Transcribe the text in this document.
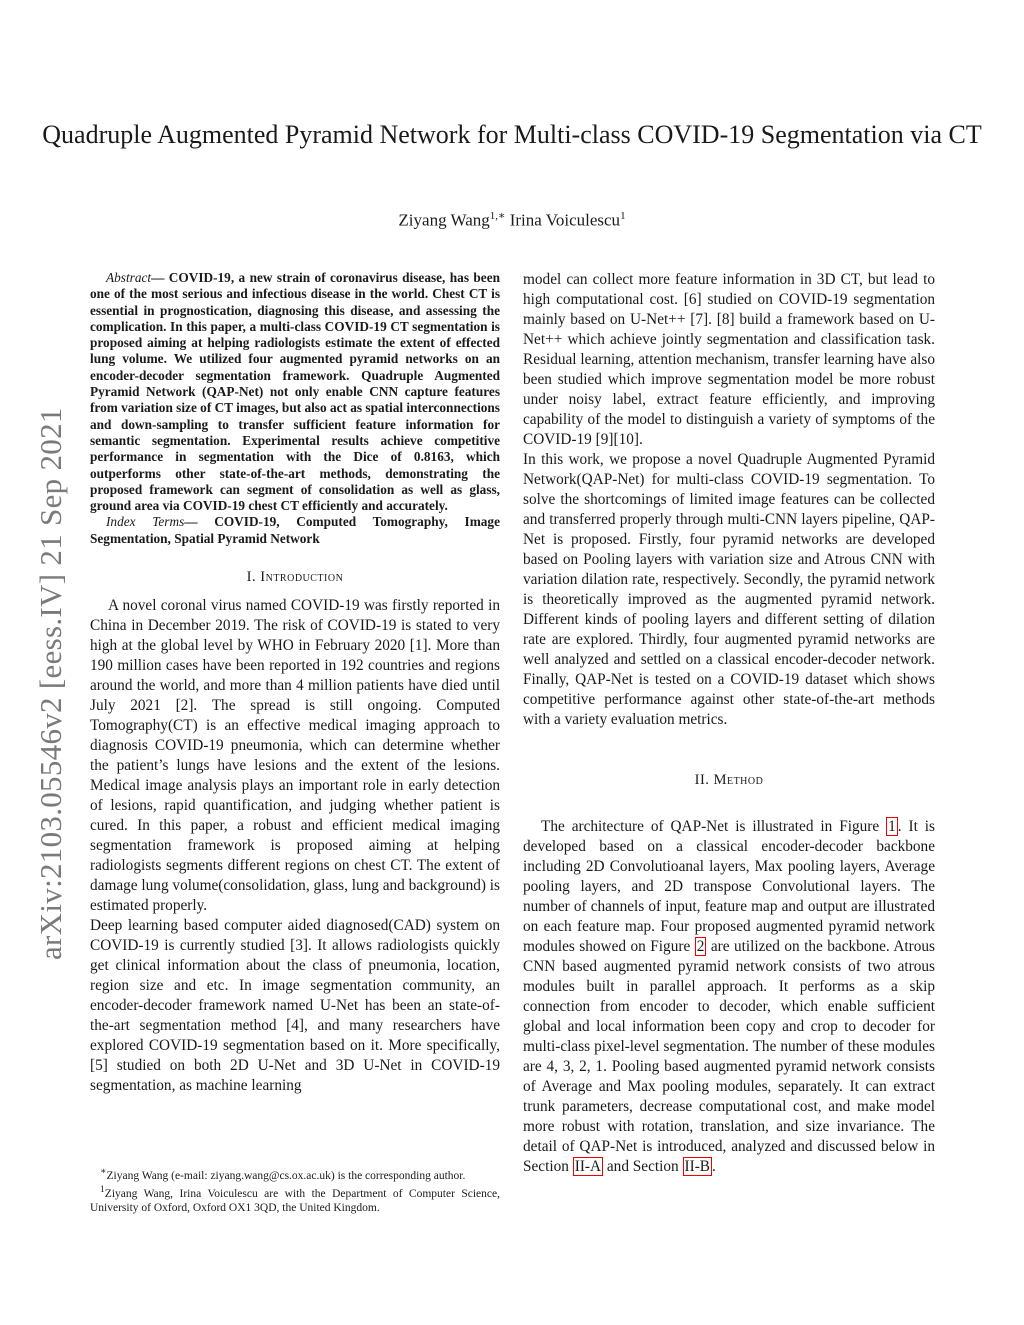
Quadruple Augmented Pyramid Network for Multi-class COVID-19 Segmentation via CT
Ziyang Wang$^{1,∗}$ Irina Voiculescu$^1$
arXiv:2103.05546v2 [eess.IV] 21 Sep 2021

Abstract— COVID-19, a new strain of coronavirus disease, has been one of the most serious and infectious disease in the world. Chest CT is essential in prognostication, diagnosing this disease, and assessing the complication. In this paper, a multi-class COVID-19 CT segmentation is proposed aiming at helping radiologists estimate the extent of effected lung volume. We utilized four augmented pyramid networks on an encoder-decoder segmentation framework. Quadruple Augmented Pyramid Network (QAP-Net) not only enable CNN capture features from variation size of CT images, but also act as spatial interconnections and down-sampling to transfer sufficient feature information for semantic segmentation. Experimental results achieve competitive performance in segmentation with the Dice of 0.8163, which outperforms other state-of-the-art methods, demonstrating the proposed framework can segment of consolidation as well as glass, ground area via COVID-19 chest CT efficiently and accurately.

Index Terms— COVID-19, Computed Tomography, Image Segmentation, Spatial Pyramid Network

I. Introduction

A novel coronal virus named COVID-19 was firstly reported in China in December 2019. The risk of COVID-19 is stated to very high at the global level by WHO in February 2020 [1]. More than 190 million cases have been reported in 192 countries and regions around the world, and more than 4 million patients have died until July 2021 [2]. The spread is still ongoing. Computed Tomography(CT) is an effective medical imaging approach to diagnosis COVID-19 pneumonia, which can determine whether the patient’s lungs have lesions and the extent of the lesions. Medical image analysis plays an important role in early detection of lesions, rapid quantification, and judging whether patient is cured. In this paper, a robust and efficient medical imaging segmentation framework is proposed aiming at helping radiologists segments different regions on chest CT. The extent of damage lung volume(consolidation, glass, lung and background) is estimated properly.

Deep learning based computer aided diagnosed(CAD) system on COVID-19 is currently studied [3]. It allows radiologists quickly get clinical information about the class of pneumonia, location, region size and etc. In image segmentation community, an encoder-decoder framework named U-Net has been an state-of-the-art segmentation method [4], and many researchers have explored COVID-19 segmentation based on it. More specifically, [5] studied on both 2D U-Net and 3D U-Net in COVID-19 segmentation, as machine learning

model can collect more feature information in 3D CT, but lead to high computational cost. [6] studied on COVID-19 segmentation mainly based on U-Net++ [7]. [8] build a framework based on U-Net++ which achieve jointly segmentation and classification task. Residual learning, attention mechanism, transfer learning have also been studied which improve segmentation model be more robust under noisy label, extract feature efficiently, and improving capability of the model to distinguish a variety of symptoms of the COVID-19 [9][10].

In this work, we propose a novel Quadruple Augmented Pyramid Network(QAP-Net) for multi-class COVID-19 segmentation. To solve the shortcomings of limited image features can be collected and transferred properly through multi-CNN layers pipeline, QAP-Net is proposed. Firstly, four pyramid networks are developed based on Pooling layers with variation size and Atrous CNN with variation dilation rate, respectively. Secondly, the pyramid network is theoretically improved as the augmented pyramid network. Different kinds of pooling layers and different setting of dilation rate are explored. Thirdly, four augmented pyramid networks are well analyzed and settled on a classical encoder-decoder network. Finally, QAP-Net is tested on a COVID-19 dataset which shows competitive performance against other state-of-the-art methods with a variety evaluation metrics.

II. Method

The architecture of QAP-Net is illustrated in Figure 1 . It is developed based on a classical encoder-decoder backbone including 2D Convolutioanal layers, Max pooling layers, Average pooling layers, and 2D transpose Convolutional layers. The number of channels of input, feature map and output are illustrated on each feature map. Four proposed augmented pyramid network modules showed on Figure 2 are utilized on the backbone. Atrous CNN based augmented pyramid network consists of two atrous modules built in parallel approach. It performs as a skip connection from encoder to decoder, which enable sufficient global and local information been copy and crop to decoder for multi-class pixel-level segmentation. The number of these modules are 4, 3, 2, 1. Pooling based augmented pyramid network consists of Average and Max pooling modules, separately. It can extract trunk parameters, decrease computational cost, and make model more robust with rotation, translation, and size invariance. The detail of QAP-Net is introduced, analyzed and discussed below in Section II-A and Section II-B .

∗Ziyang Wang (e-mail: ziyang.wang@cs.ox.ac.uk) is the corresponding author.

$^1$Ziyang Wang, Irina Voiculescu are with the Department of Computer Science, University of Oxford, Oxford OX1 3QD, the United Kingdom.
